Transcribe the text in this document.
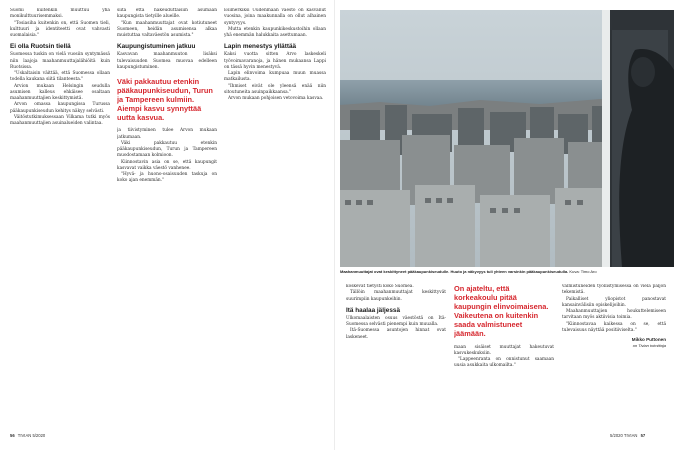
Suomi kuitenkin muuttuu yhä monikulttuurisemmaksi.

"Tosiasiha kuitenkin on, että Suomen tieli, kulttuuri ja identiteetti ovat vahvasti suomalaisia."

Ei olla Ruotsin tiellä

Suomessa tuskin on vielä vuosiin syntymässä niin laajoja maahanmuuttajalähiöitä kuin Ruotsissa.

"Uskaltaisin väittää, että Suomessa ollaan todella kaukana siitä tilanteesta."

Arvion mukaan Helsingin seudulla asumisen kalleus ehkäisee osaltaan maahanmuuttajien keskittymistä.

Arvon omassa kaupungissa Turussa pääkaupunkiseudun kehitys näkyy selvästi.

Väitöstutkimuksessaan Vilkama tutki myös maahanmuuttajien asuinalueiden valintaa.

siitä että hakeuduttaisiin asumaan kaupungista tietyille alueille.

"Kun maahanmuuttajat ovat kotiutuneet Suomeen, heidän asumisensa alkaa muistuttaa valtaväestön asumista."

Kaupungistuminen jatkuu

Kasvavan maahanmuuton lisäksi tulevaisuuden Suomea muovaa edelleen kaupungistuminen.

Väki pakkautuu etenkin pääkaupunkiseudun, Turun ja Tampereen kulmiin. Aiempi kasvu synnyttää uutta kasvua.

ja tiivistyminen tulee Arvon mukaan jatkumaan.

Väki pakkautuu etenkin pääkaupunkiseudun, Turun ja Tampereen muodostamaan kolmioon.

Kiinnostavin asia on se, että kaupungit kasvavat vaikka väestö vanhenee.

"Hyvä- ja huono-osaisuuden taskuja on koko ajan enemmän."

Esimerkiksi Uudenmaan väestö on kasvanut vuosina, joina maakunnalla on ollut alhainen syntyvyys.

Mutta etenkin kaupunkikeskustoihin ollaan yhä enemmän halukkaita asettumaan.

Lapin menestys yllättää

Kaksi vuotta sitten Arvo laskeskeli työvoimavaranoja, ja hänen mukaansa Lappi on tässä hyvin menestyvä.

Lapin elinvoima kumpuaa muun muassa matkailusta.

"Ihmiset eivät ole yleensä enää niin sitoutuneita asuinpaikkaansa."

Arvon mukaan pohjoisen vetovoima kasvaa.

56 TIVIAN 5/2020
Maahanmuuttajat ovat keskittyneet pääkaupunkiseudulle. Huuto ja näkyvyys tuli yhteen varsinkin pääkaupunkiseudulla. Kuva: Timo Aro

koskevat tietysti koko Suomea.

Tällöin maahanmuuttajat keskittyvät suurimpiin kaupunkeihin.

Itä haalaa jäljessä

Ulkomaalaisten osuus väestöstä on Itä-Suomessa selvästi pienempi kuin muualla.

Itä-Suomessa asuntojen hinnat ovat laskeneet.

On ajateltu, että korkeakoulu pitää kaupungin elinvoimaisena. Vaikeutena on kuitenkin saada valmistuneet jäämään.

maan sisäiset muuttajat hakeutuvat kasvukeskuksiin.

"Lappeenranta on onnistunut saamaan uusia asukkaita ulkomailta."

valmistuneiden työllistymisessä on vielä paljon tekemistä.

Paikalliset yliopistot panostavat kansainvälisiin opiskelijoihin.

Maahanmuuttajien houkuttelemiseen tarvitaan myös aktiivisia toimia.

"Kiinnostavaa kaikessa on se, että tulevaisuus näyttää positiiviselta."

Mikko Puttonen
on Tivian toimittaja
5/2020 TIVIAN 57
